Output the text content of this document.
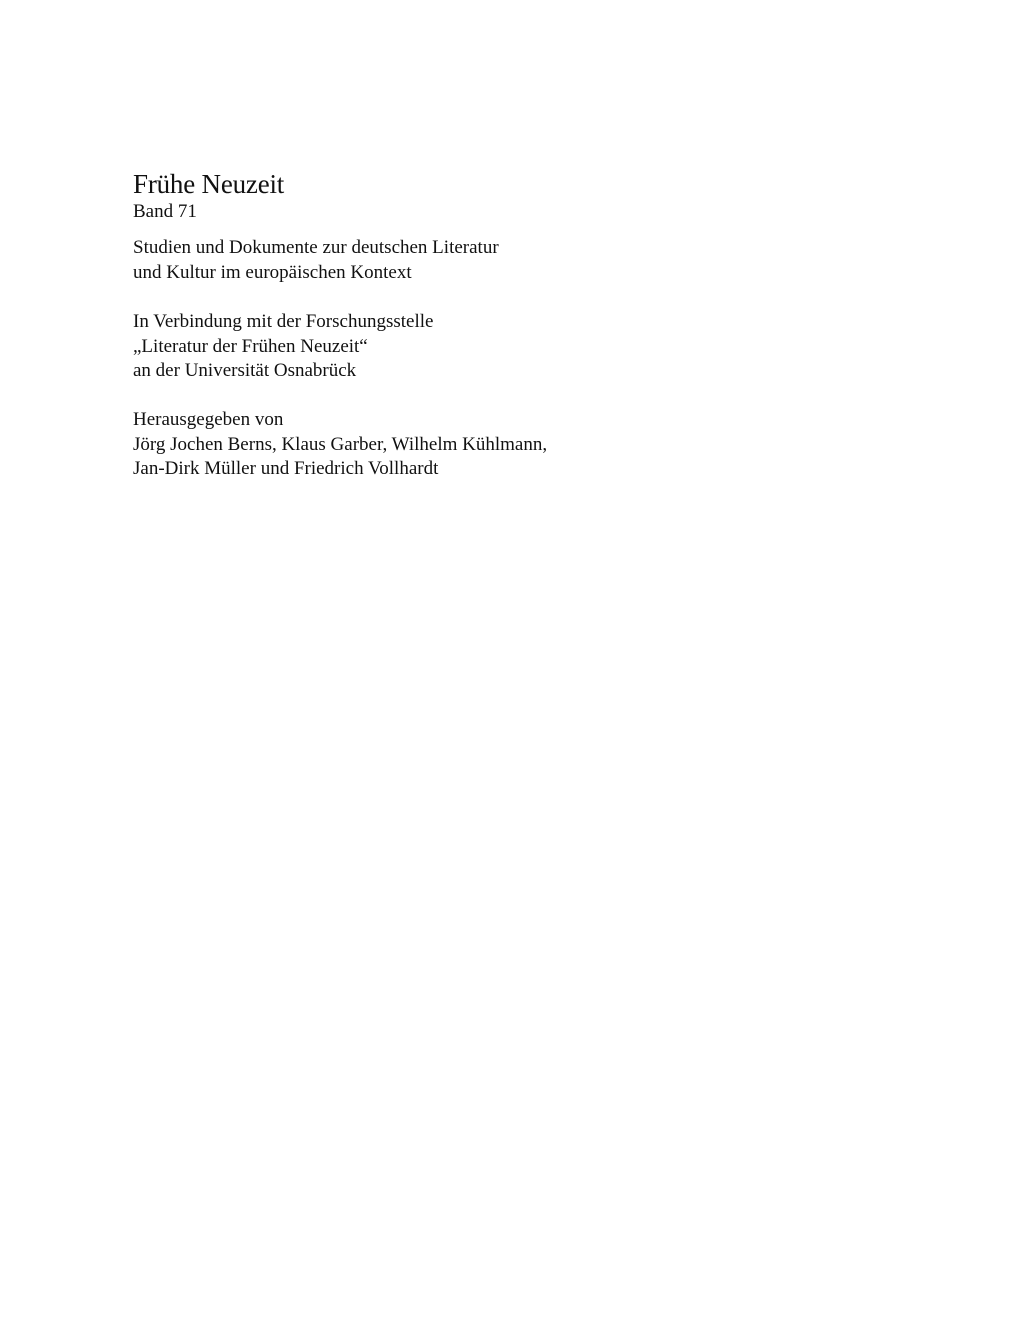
Frühe Neuzeit
Band 71
Studien und Dokumente zur deutschen Literatur
und Kultur im europäischen Kontext
In Verbindung mit der Forschungsstelle
„Literatur der Frühen Neuzeit“
an der Universität Osnabrück
Herausgegeben von
Jörg Jochen Berns, Klaus Garber, Wilhelm Kühlmann,
Jan-Dirk Müller und Friedrich Vollhardt
